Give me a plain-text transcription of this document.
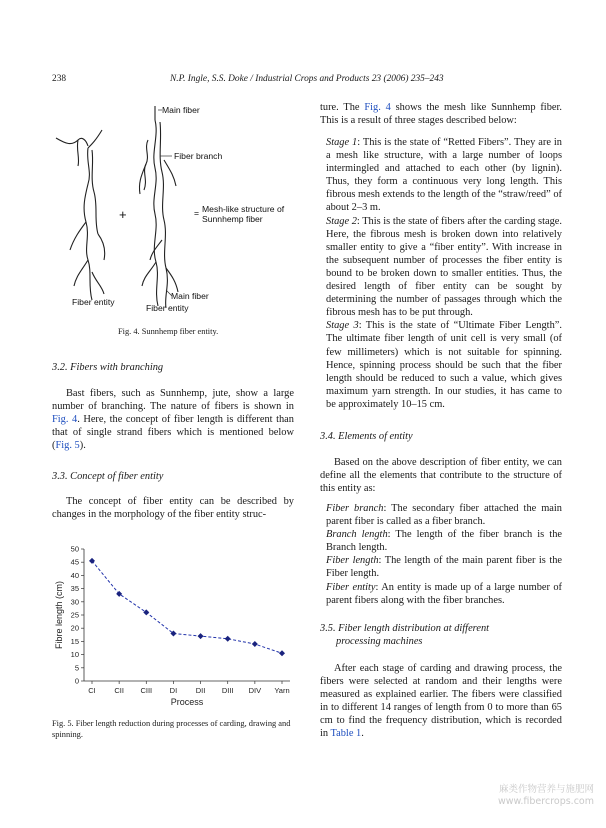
238	N.P. Ingle, S.S. Doke / Industrial Crops and Products 23 (2006) 235–243
+
Main fiber
Fiber branch
= Mesh-like structure of
Sunnhemp fiber
Main fiber
Fiber entity
Fiber entity
Fig. 4. Sunnhemp fiber entity.
3.2. Fibers with branching
Bast fibers, such as Sunnhemp, jute, show a large number of branching. The nature of fibers is shown in Fig. 4. Here, the concept of fiber length is different than that of single strand fibers which is mentioned below (Fig. 5).
3.3. Concept of fiber entity
The concept of fiber entity can be described by changes in the morphology of the fiber entity struc-
0
5
10
15
20
25
30
35
40
45
50
CI CII CIII DI DII DIII DIV Yarn
Process
Fibre length (cm)
Fig. 5. Fiber length reduction during processes of carding, drawing and spinning.
ture. The Fig. 4 shows the mesh like Sunnhemp fiber. This is a result of three stages described below:

Stage 1: This is the state of “Retted Fibers”. They are in a mesh like structure, with a large number of loops intermingled and attached to each other (by lignin). Thus, they form a continuous very long length. This fibrous mesh extends to the length of the “straw/reed” of about 2–3 m.

Stage 2: This is the state of fibers after the carding stage. Here, the fibrous mesh is broken down into relatively smaller entity to give a “fiber entity”. With increase in the subsequent number of processes the fiber entity is bound to be broken down to smaller entities. Thus, the desired length of fiber entity can be sought by determining the number of passages through which the fibrous mesh has to be put through.

Stage 3: This is the state of “Ultimate Fiber Length”. The ultimate fiber length of unit cell is very small (of few millimeters) which is not suitable for spinning. Hence, spinning process should be such that the fiber length should be reduced to such a value, which gives maximum yarn strength. In our studies, it has came to be approximately 10–15 cm.

3.4. Elements of entity
Based on the above description of fiber entity, we can define all the elements that contribute to the structure of this entity as:

Fiber branch: The secondary fiber attached the main parent fiber is called as a fiber branch.

Branch length: The length of the fiber branch is the Branch length.

Fiber length: The length of the main parent fiber is the Fiber length.

Fiber entity: An entity is made up of a large number of parent fibers along with the fiber branches.

3.5. Fiber length distribution at different
processing machines
After each stage of carding and drawing process, the fibers were selected at random and their lengths were measured as explained earlier. The fibers were classified in to different 14 ranges of length from 0 to more than 65 cm to find the frequency distribution, which is recorded in Table 1.
麻类作物营养与施肥网
www.fibercrops.com
